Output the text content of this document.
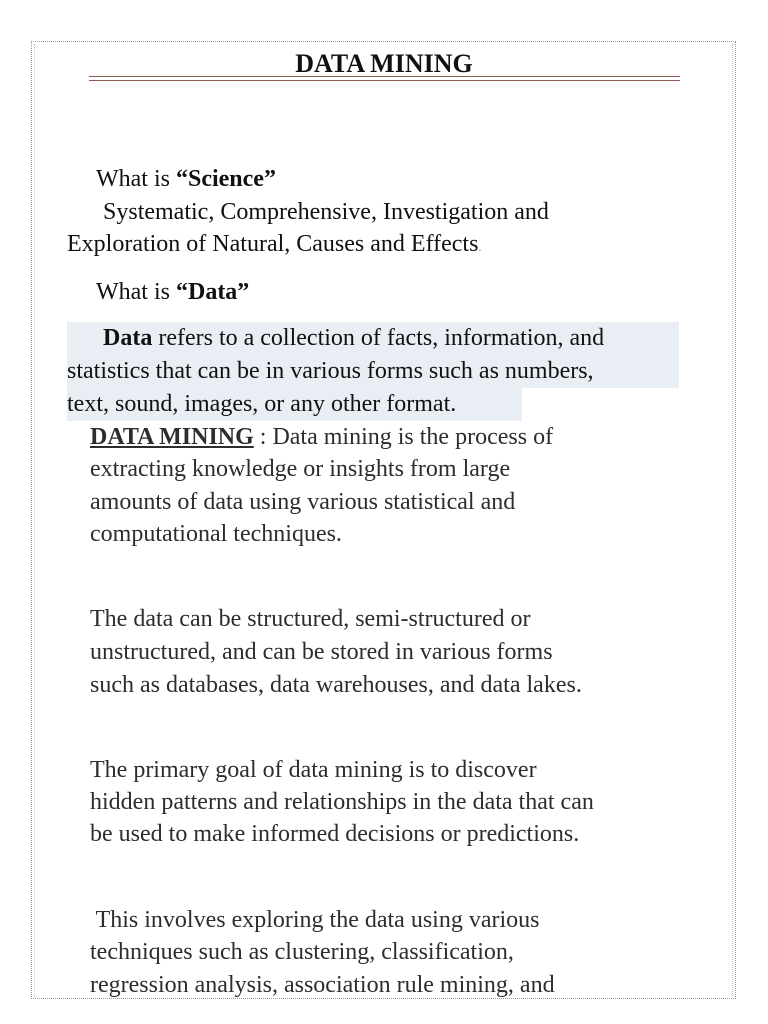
DATA MINING

What is “Science”

Systematic, Comprehensive, Investigation and

Exploration of Natural, Causes and Effects.

What is “Data”

Data refers to a collection of facts, information, and

statistics that can be in various forms such as numbers,

text, sound, images, or any other format.

DATA MINING : Data mining is the process of

extracting knowledge or insights from large

amounts of data using various statistical and

computational techniques.

The data can be structured, semi-structured or

unstructured, and can be stored in various forms

such as databases, data warehouses, and data lakes.

The primary goal of data mining is to discover

hidden patterns and relationships in the data that can

be used to make informed decisions or predictions.

This involves exploring the data using various

techniques such as clustering, classification,

regression analysis, association rule mining, and
